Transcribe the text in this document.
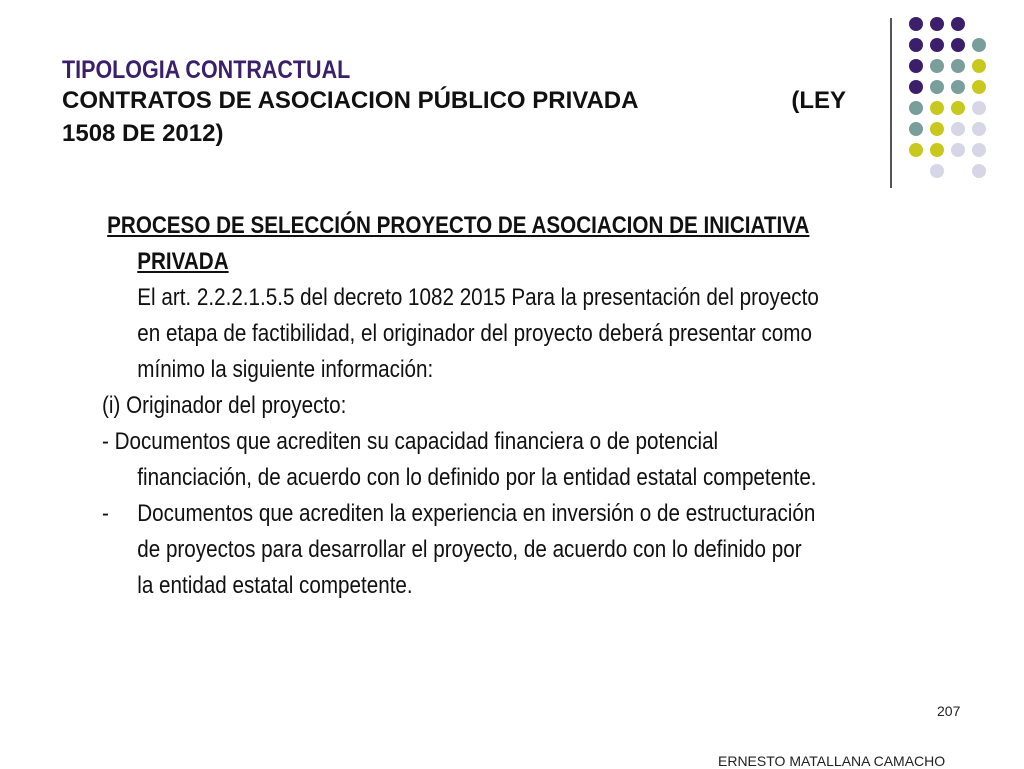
TIPOLOGIA CONTRACTUAL
CONTRATOS DE ASOCIACION PÚBLICO PRIVADA	(LEY
1508 DE 2012)
PROCESO DE SELECCIÓN PROYECTO DE ASOCIACION DE INICIATIVA
PRIVADA
El art. 2.2.2.1.5.5 del decreto 1082 2015 Para la presentación del proyecto
en etapa de factibilidad, el originador del proyecto deberá presentar como
mínimo la siguiente información:
(i) Originador del proyecto:
- Documentos que acrediten su capacidad financiera o de potencial
financiación, de acuerdo con lo definido por la entidad estatal competente.
- Documentos que acrediten la experiencia en inversión o de estructuración
de proyectos para desarrollar el proyecto, de acuerdo con lo definido por
la entidad estatal competente.
207
ERNESTO MATALLANA CAMACHO
